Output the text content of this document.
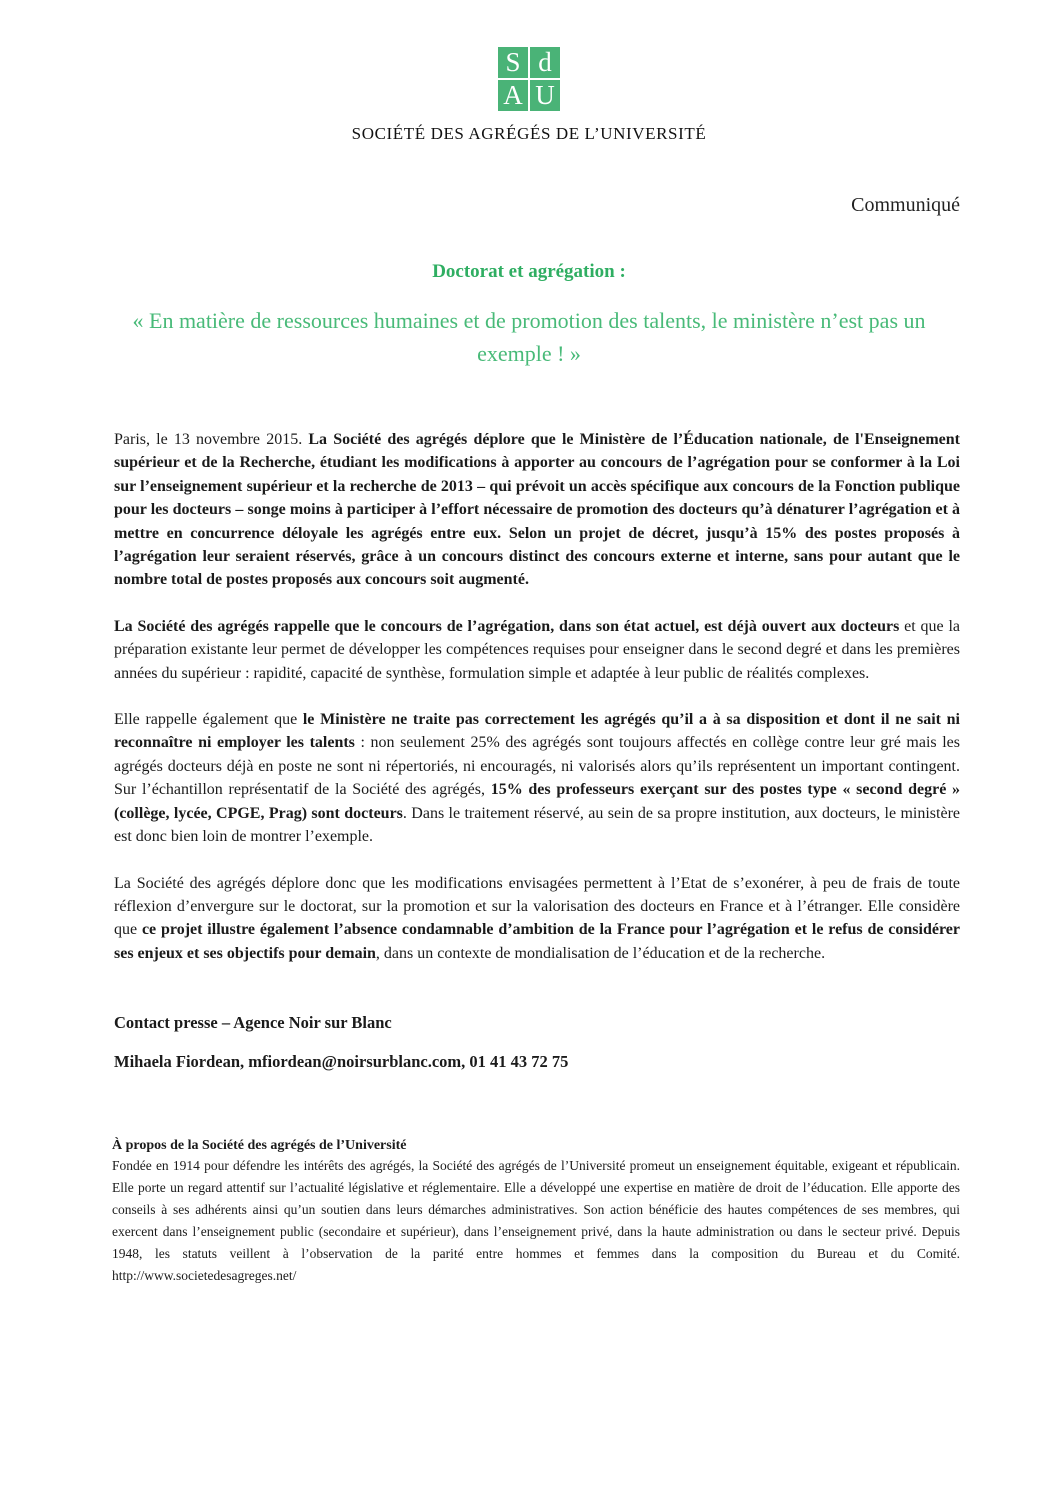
S d
A U
SOCIÉTÉ DES AGRÉGÉS DE L’UNIVERSITÉ
Communiqué
Doctorat et agrégation :
« En matière de ressources humaines et de promotion des talents, le ministère n’est pas un exemple ! »

Paris, le 13 novembre 2015. La Société des agrégés déplore que le Ministère de l’Éducation nationale, de l'Enseignement supérieur et de la Recherche, étudiant les modifications à apporter au concours de l’agrégation pour se conformer à la Loi sur l’enseignement supérieur et la recherche de 2013 – qui prévoit un accès spécifique aux concours de la Fonction publique pour les docteurs – songe moins à participer à l’effort nécessaire de promotion des docteurs qu’à dénaturer l’agrégation et à mettre en concurrence déloyale les agrégés entre eux. Selon un projet de décret, jusqu’à 15% des postes proposés à l’agrégation leur seraient réservés, grâce à un concours distinct des concours externe et interne, sans pour autant que le nombre total de postes proposés aux concours soit augmenté.

La Société des agrégés rappelle que le concours de l’agrégation, dans son état actuel, est déjà ouvert aux docteurs et que la préparation existante leur permet de développer les compétences requises pour enseigner dans le second degré et dans les premières années du supérieur : rapidité, capacité de synthèse, formulation simple et adaptée à leur public de réalités complexes.

Elle rappelle également que le Ministère ne traite pas correctement les agrégés qu’il a à sa disposition et dont il ne sait ni reconnaître ni employer les talents : non seulement 25% des agrégés sont toujours affectés en collège contre leur gré mais les agrégés docteurs déjà en poste ne sont ni répertoriés, ni encouragés, ni valorisés alors qu’ils représentent un important contingent. Sur l’échantillon représentatif de la Société des agrégés, 15% des professeurs exerçant sur des postes type « second degré » (collège, lycée, CPGE, Prag) sont docteurs. Dans le traitement réservé, au sein de sa propre institution, aux docteurs, le ministère est donc bien loin de montrer l’exemple.

La Société des agrégés déplore donc que les modifications envisagées permettent à l’Etat de s’exonérer, à peu de frais de toute réflexion d’envergure sur le doctorat, sur la promotion et sur la valorisation des docteurs en France et à l’étranger. Elle considère que ce projet illustre également l’absence condamnable d’ambition de la France pour l’agrégation et le refus de considérer ses enjeux et ses objectifs pour demain, dans un contexte de mondialisation de l’éducation et de la recherche.

Contact presse – Agence Noir sur Blanc

Mihaela Fiordean, mfiordean@noirsurblanc.com, 01 41 43 72 75

À propos de la Société des agrégés de l’Université

Fondée en 1914 pour défendre les intérêts des agrégés, la Société des agrégés de l’Université promeut un enseignement équitable, exigeant et républicain. Elle porte un regard attentif sur l’actualité législative et réglementaire. Elle a développé une expertise en matière de droit de l’éducation. Elle apporte des conseils à ses adhérents ainsi qu’un soutien dans leurs démarches administratives. Son action bénéficie des hautes compétences de ses membres, qui exercent dans l’enseignement public (secondaire et supérieur), dans l’enseignement privé, dans la haute administration ou dans le secteur privé. Depuis 1948, les statuts veillent à l’observation de la parité entre hommes et femmes dans la composition du Bureau et du Comité. http://www.societedesagreges.net/
